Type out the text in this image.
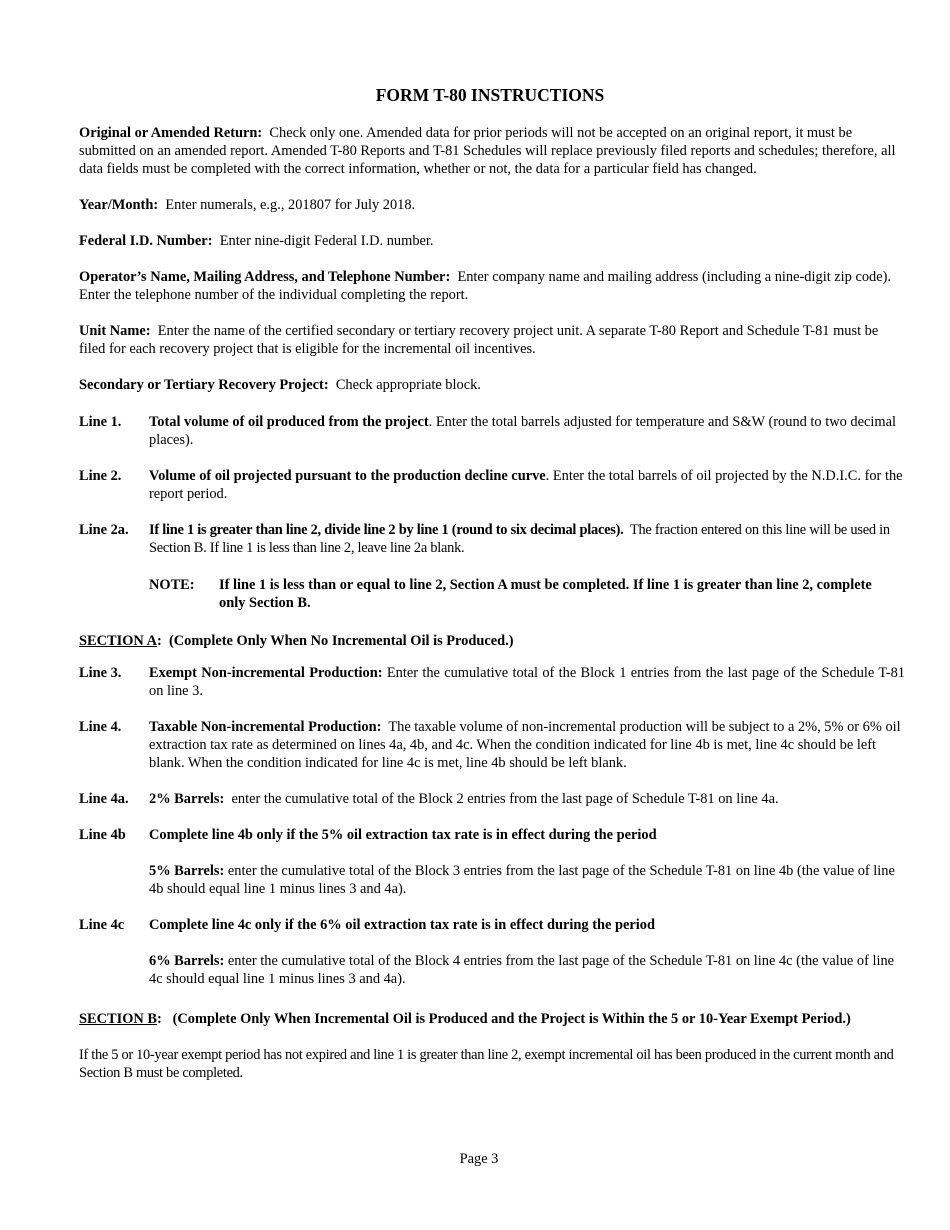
FORM T-80 INSTRUCTIONS

Original or Amended Return: Check only one. Amended data for prior periods will not be accepted on an original report, it must be submitted on an amended report. Amended T-80 Reports and T-81 Schedules will replace previously filed reports and schedules; therefore, all data fields must be completed with the correct information, whether or not, the data for a particular field has changed.

Year/Month: Enter numerals, e.g., 201807 for July 2018.

Federal I.D. Number: Enter nine-digit Federal I.D. number.

Operator’s Name, Mailing Address, and Telephone Number: Enter company name and mailing address (including a nine-digit zip code). Enter the telephone number of the individual completing the report.

Unit Name: Enter the name of the certified secondary or tertiary recovery project unit. A separate T-80 Report and Schedule T-81 must be filed for each recovery project that is eligible for the incremental oil incentives.

Secondary or Tertiary Recovery Project: Check appropriate block.

Line 1. Total volume of oil produced from the project. Enter the total barrels adjusted for temperature and S&W (round to two decimal places).

Line 2. Volume of oil projected pursuant to the production decline curve. Enter the total barrels of oil projected by the N.D.I.C. for the report period.

Line 2a. If line 1 is greater than line 2, divide line 2 by line 1 (round to six decimal places). The fraction entered on this line will be used in Section B. If line 1 is less than line 2, leave line 2a blank.

NOTE: If line 1 is less than or equal to line 2, Section A must be completed. If line 1 is greater than line 2, complete only Section B.

SECTION A: (Complete Only When No Incremental Oil is Produced.)
Line 3. Exempt Non-incremental Production: Enter the cumulative total of the Block 1 entries from the last page of the Schedule T-81 on line 3.

Line 4. Taxable Non-incremental Production: The taxable volume of non-incremental production will be subject to a 2%, 5% or 6% oil extraction tax rate as determined on lines 4a, 4b, and 4c. When the condition indicated for line 4b is met, line 4c should be left blank. When the condition indicated for line 4c is met, line 4b should be left blank.

Line 4a. 2% Barrels: enter the cumulative total of the Block 2 entries from the last page of Schedule T-81 on line 4a.

Line 4b Complete line 4b only if the 5% oil extraction tax rate is in effect during the period

5% Barrels: enter the cumulative total of the Block 3 entries from the last page of the Schedule T-81 on line 4b (the value of line 4b should equal line 1 minus lines 3 and 4a).

Line 4c Complete line 4c only if the 6% oil extraction tax rate is in effect during the period

6% Barrels: enter the cumulative total of the Block 4 entries from the last page of the Schedule T-81 on line 4c (the value of line 4c should equal line 1 minus lines 3 and 4a).

SECTION B: (Complete Only When Incremental Oil is Produced and the Project is Within the 5 or 10-Year Exempt Period.)

If the 5 or 10-year exempt period has not expired and line 1 is greater than line 2, exempt incremental oil has been produced in the current month and Section B must be completed.

Page 3
